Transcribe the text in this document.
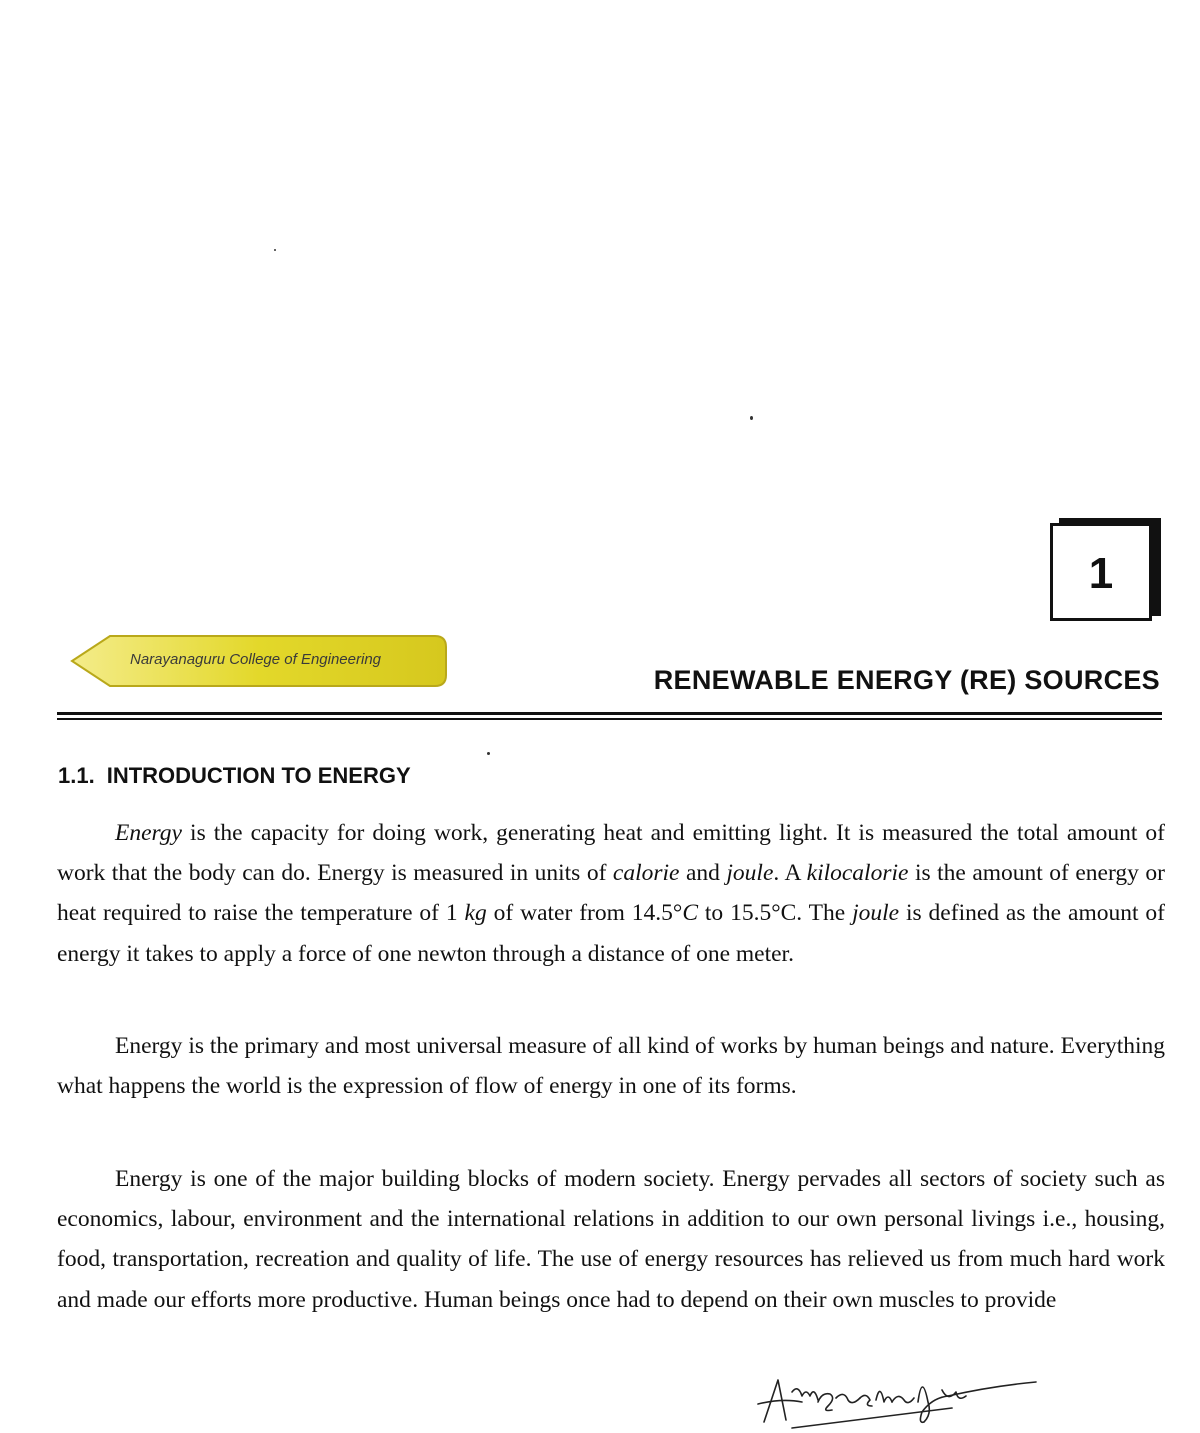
1
Narayanaguru College of Engineering
RENEWABLE ENERGY (RE) SOURCES
1.1. INTRODUCTION TO ENERGY

Energy is the capacity for doing work, generating heat and emitting light. It is measured the total amount of work that the body can do. Energy is measured in units of calorie and joule. A kilocalorie is the amount of energy or heat required to raise the temperature of 1 kg of water from 14.5°C to 15.5°C. The joule is defined as the amount of energy it takes to apply a force of one newton through a distance of one meter.

Energy is the primary and most universal measure of all kind of works by human beings and nature. Everything what happens the world is the expression of flow of energy in one of its forms.

Energy is one of the major building blocks of modern society. Energy pervades all sectors of society such as economics, labour, environment and the international relations in addition to our own personal livings i.e., housing, food, transportation, recreation and quality of life. The use of energy resources has relieved us from much hard work and made our efforts more productive. Human beings once had to depend on their own muscles to provide
